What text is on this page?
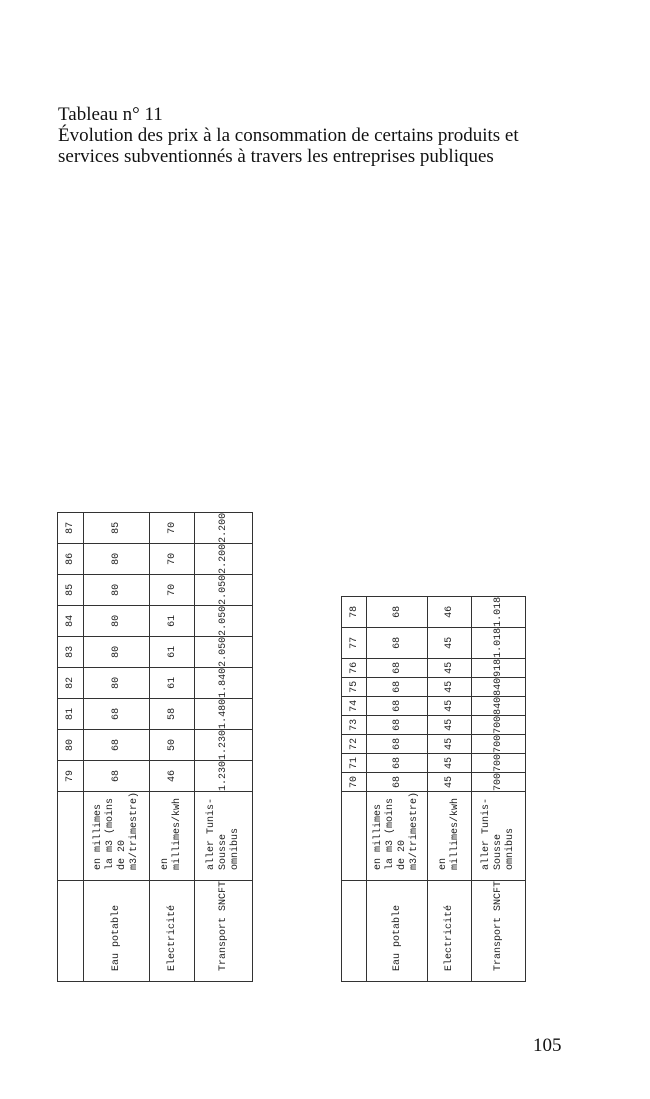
Tableau n° 11
Évolution des prix à la consommation de certains produits et
services subventionnés à travers les entreprises publiques
		79	80	81	82	83	84	85	86	87
Eau potable	en millimes la m3 (moins de 20 m3/trimestre)	68	68	68	80	80	80	80	80	85
Electricité	en millimes/kwh	46	50	58	61	61	61	70	70	70
Transport SNCFT	aller Tunis-Sousse omnibus	1.230	1.230	1.480	1.840	2.050	2.050	2.050	2.200	2.200
		70	71	72	73	74	75	76	77	78
Eau potable	en millimes la m3 (moins de 20 m3/trimestre)	68	68	68	68	68	68	68	68	68
Electricité	en millimes/kwh	45	45	45	45	45	45	45	45	46
Transport SNCFT	aller Tunis-Sousse omnibus	700	700	700	700	840	840	918	1.018	1.018
105
